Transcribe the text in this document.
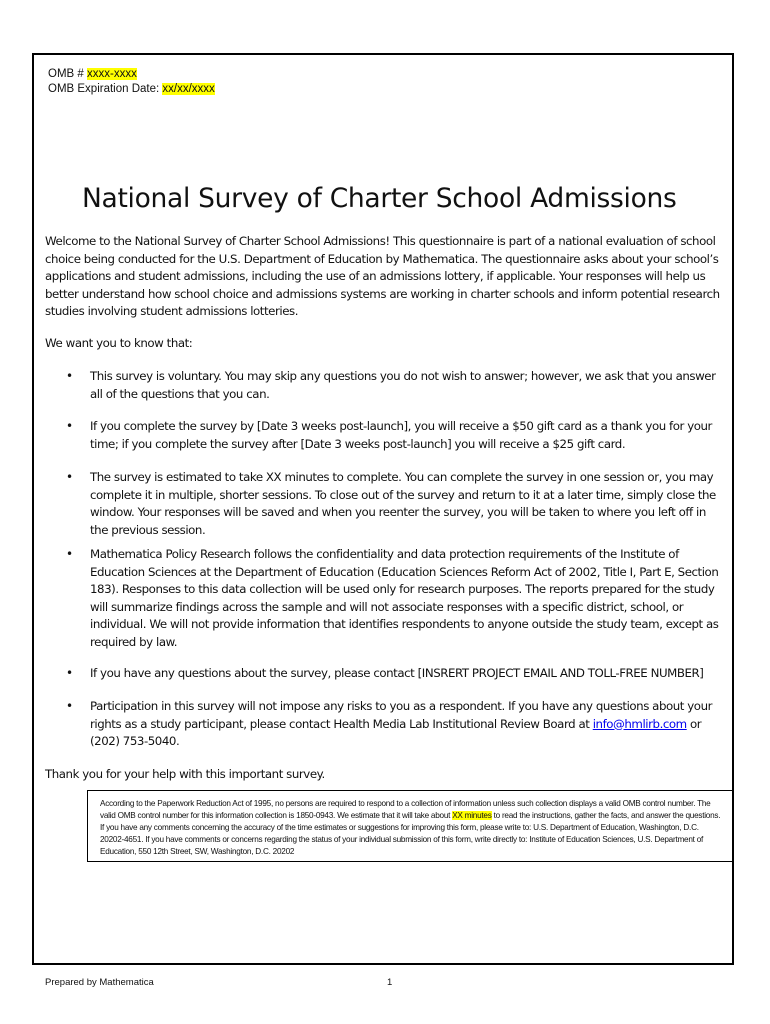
OMB # xxxx-xxxx
OMB Expiration Date: xx/xx/xxxx
National Survey of Charter School Admissions
Welcome to the National Survey of Charter School Admissions! This questionnaire is part of a national evaluation of school choice being conducted for the U.S. Department of Education by Mathematica. The questionnaire asks about your school’s applications and student admissions, including the use of an admissions lottery, if applicable. Your responses will help us better understand how school choice and admissions systems are working in charter schools and inform potential research studies involving student admissions lotteries.
We want you to know that:
• This survey is voluntary. You may skip any questions you do not wish to answer; however, we ask that you answer all of the questions that you can.
• If you complete the survey by [Date 3 weeks post-launch], you will receive a $50 gift card as a thank you for your time; if you complete the survey after [Date 3 weeks post-launch] you will receive a $25 gift card.
• The survey is estimated to take XX minutes to complete. You can complete the survey in one session or, you may complete it in multiple, shorter sessions. To close out of the survey and return to it at a later time, simply close the window. Your responses will be saved and when you reenter the survey, you will be taken to where you left off in the previous session.
• Mathematica Policy Research follows the confidentiality and data protection requirements of the Institute of Education Sciences at the Department of Education (Education Sciences Reform Act of 2002, Title I, Part E, Section 183). Responses to this data collection will be used only for research purposes. The reports prepared for the study will summarize findings across the sample and will not associate responses with a specific district, school, or individual. We will not provide information that identifies respondents to anyone outside the study team, except as required by law.
• If you have any questions about the survey, please contact [INSRERT PROJECT EMAIL AND TOLL-FREE NUMBER]
• Participation in this survey will not impose any risks to you as a respondent. If you have any questions about your rights as a study participant, please contact Health Media Lab Institutional Review Board at info@hmlirb.com or (202) 753-5040.
Thank you for your help with this important survey.
According to the Paperwork Reduction Act of 1995, no persons are required to respond to a collection of information unless such collection displays a valid OMB control number. The valid OMB control number for this information collection is 1850-0943. We estimate that it will take about XX minutes to read the instructions, gather the facts, and answer the questions. If you have any comments concerning the accuracy of the time estimates or suggestions for improving this form, please write to: U.S. Department of Education, Washington, D.C. 20202-4651. If you have comments or concerns regarding the status of your individual submission of this form, write directly to: Institute of Education Sciences, U.S. Department of Education, 550 12th Street, SW, Washington, D.C. 20202
Prepared by Mathematica	1
